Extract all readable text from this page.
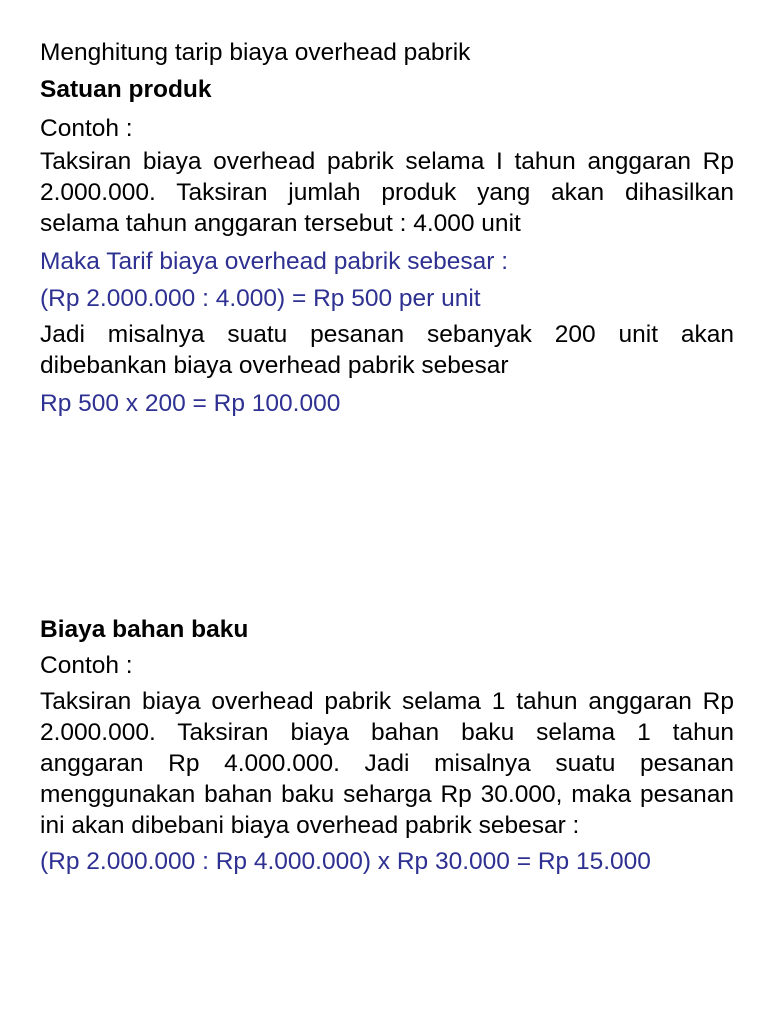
Menghitung tarip biaya overhead pabrik

Satuan produk

Contoh :

Taksiran biaya overhead pabrik selama I tahun anggaran Rp 2.000.000. Taksiran jumlah produk yang akan dihasilkan selama tahun anggaran tersebut : 4.000 unit

Maka Tarif biaya overhead pabrik sebesar :

(Rp 2.000.000 : 4.000) = Rp 500 per unit

Jadi misalnya suatu pesanan sebanyak 200 unit akan dibebankan biaya overhead pabrik sebesar

Rp 500 x 200 = Rp 100.000

Biaya bahan baku

Contoh :

Taksiran biaya overhead pabrik selama 1 tahun anggaran Rp 2.000.000. Taksiran biaya bahan baku selama 1 tahun anggaran Rp 4.000.000. Jadi misalnya suatu pesanan menggunakan bahan baku seharga Rp 30.000, maka pesanan ini akan dibebani biaya overhead pabrik sebesar :

(Rp 2.000.000 : Rp 4.000.000) x Rp 30.000 = Rp 15.000
